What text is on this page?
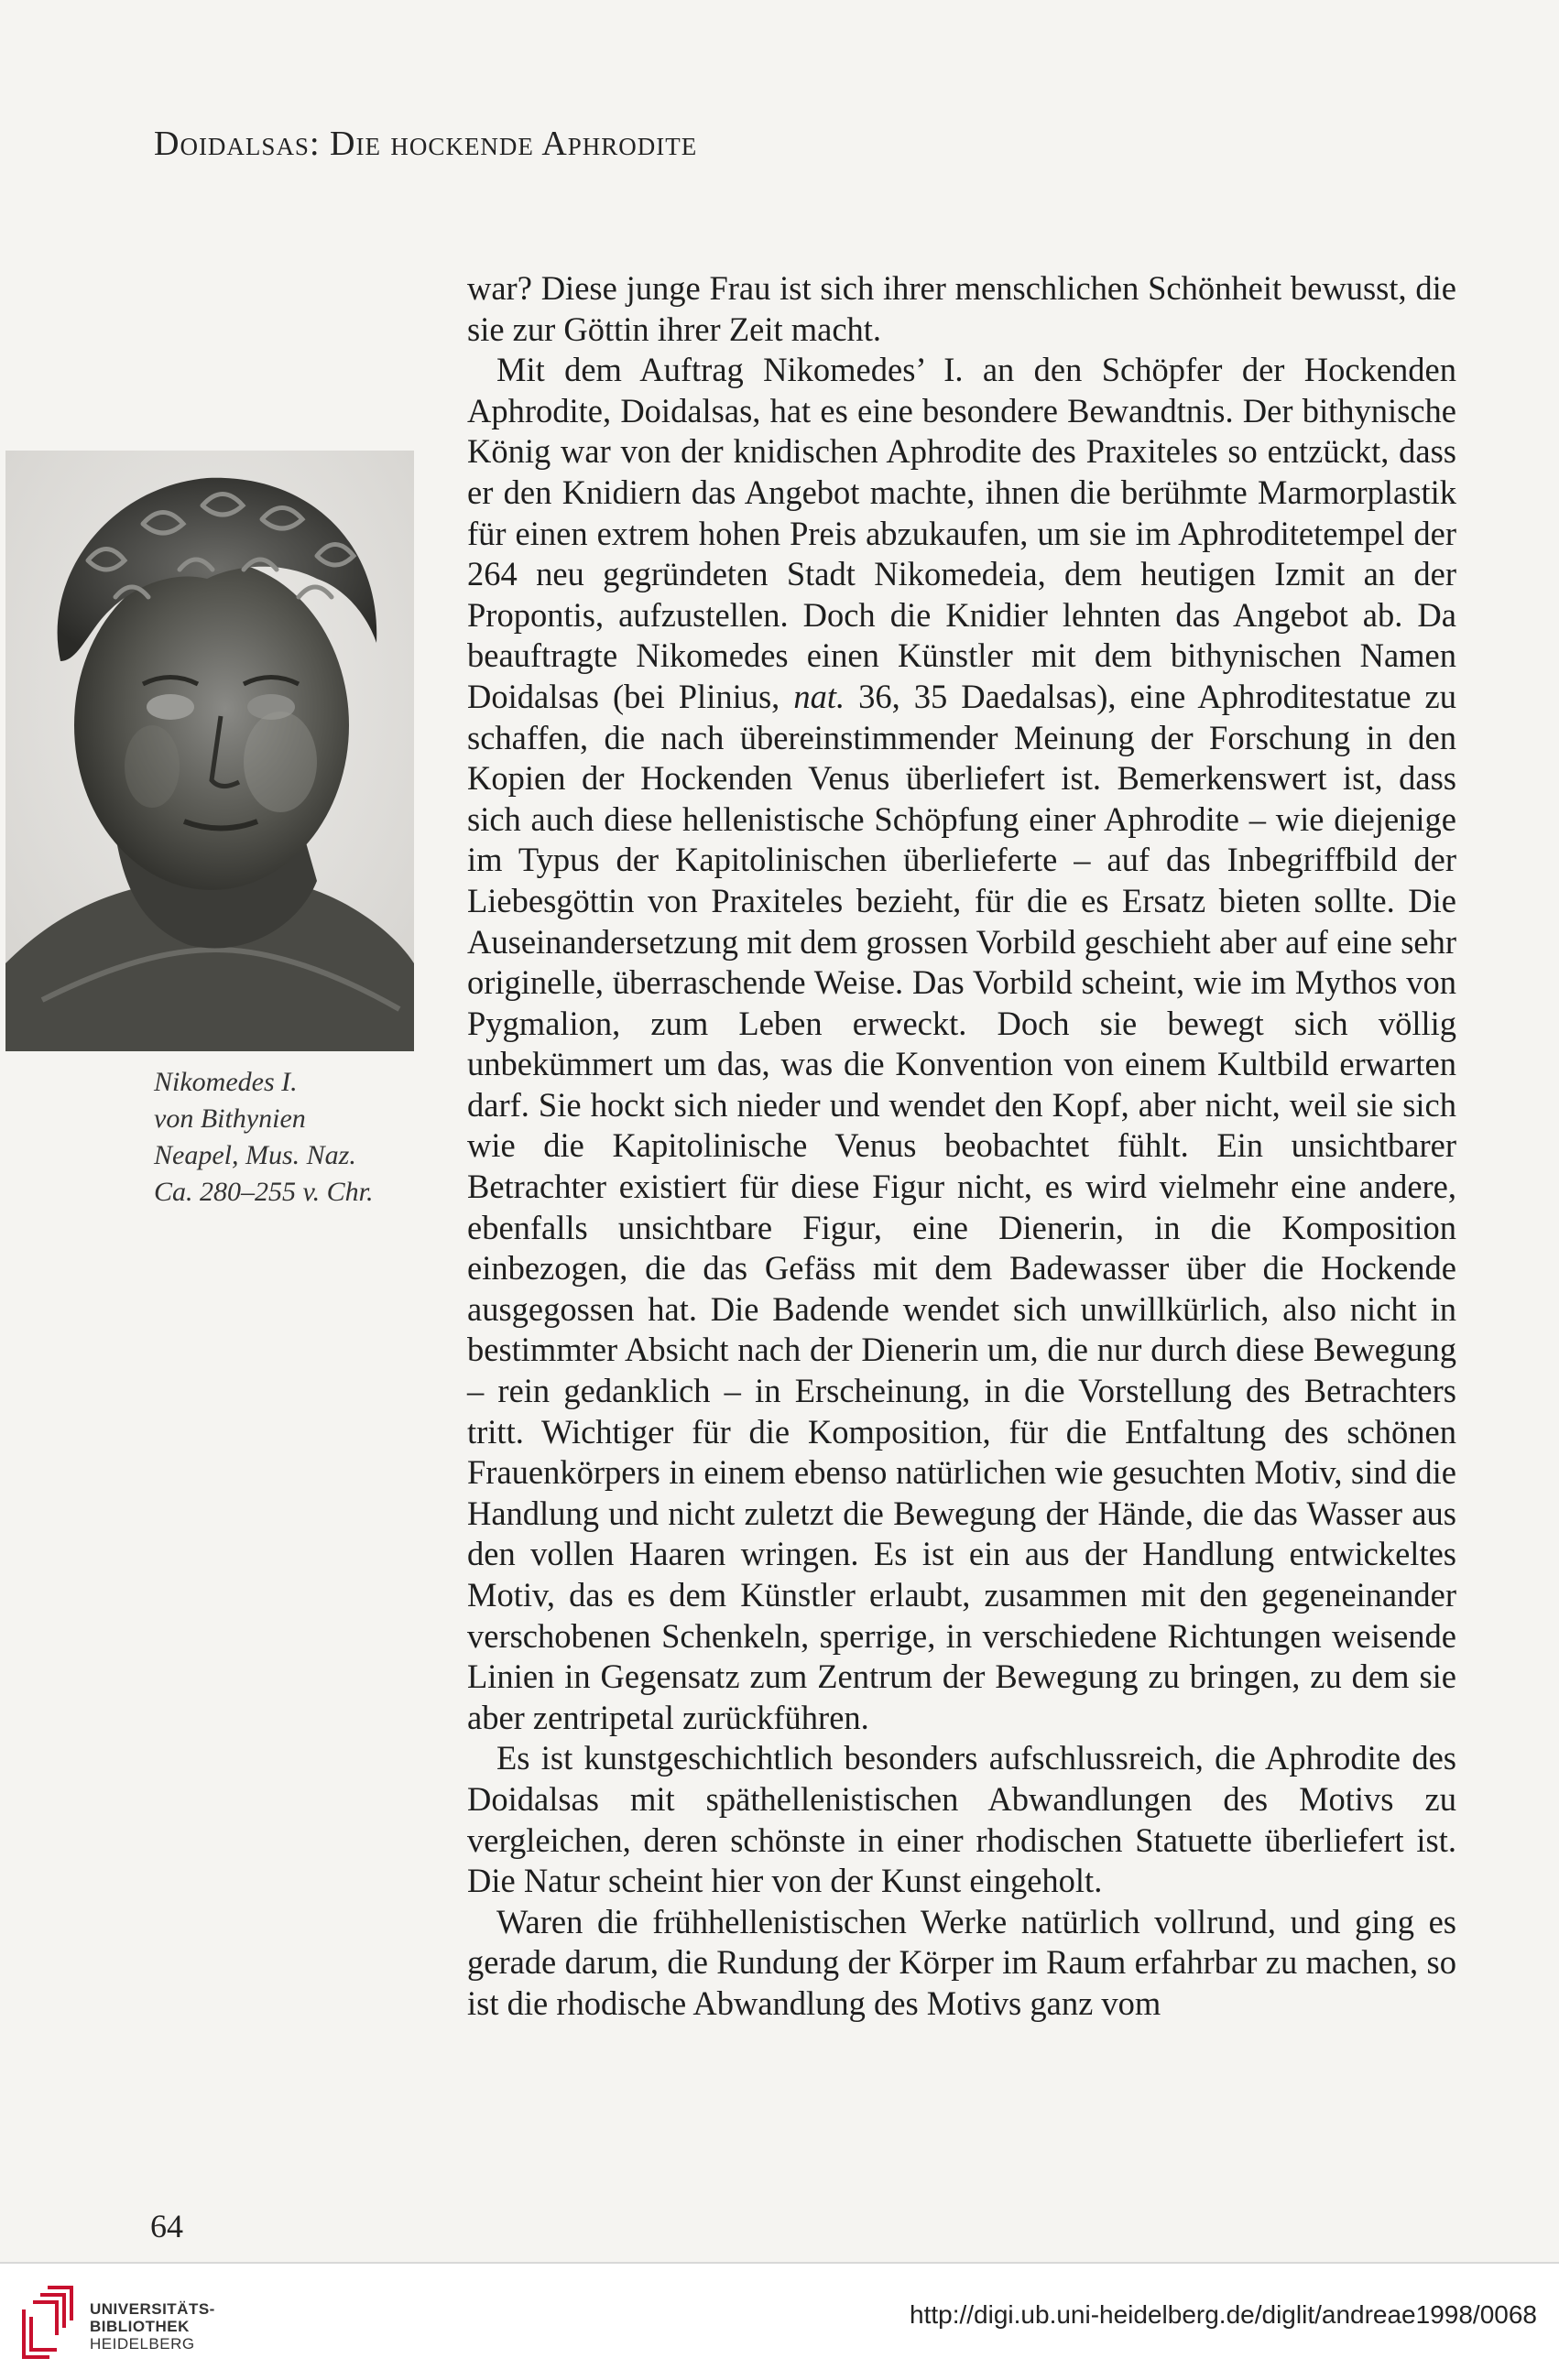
Doidalsas: Die hockende Aphrodite
Nikomedes I.
von Bithynien
Neapel, Mus. Naz.
Ca. 280–255 v. Chr.

war? Diese junge Frau ist sich ihrer menschlichen Schönheit bewusst, die sie zur Göttin ihrer Zeit macht.

Mit dem Auftrag Nikomedes’ I. an den Schöpfer der Hockenden Aphrodite, Doidalsas, hat es eine besondere Bewandtnis. Der bithynische König war von der knidischen Aphrodite des Praxiteles so entzückt, dass er den Knidiern das Angebot machte, ihnen die berühmte Marmorplastik für einen extrem hohen Preis abzukaufen, um sie im Aphroditetempel der 264 neu gegründeten Stadt Nikomedeia, dem heutigen Izmit an der Propontis, aufzustellen. Doch die Knidier lehnten das Angebot ab. Da beauftragte Nikomedes einen Künstler mit dem bithynischen Namen Doidalsas (bei Plinius, nat. 36, 35 Daedalsas), eine Aphroditestatue zu schaffen, die nach übereinstimmender Meinung der Forschung in den Kopien der Hockenden Venus überliefert ist. Bemerkenswert ist, dass sich auch diese hellenistische Schöpfung einer Aphrodite – wie diejenige im Typus der Kapitolinischen überlieferte – auf das Inbegriffbild der Liebesgöttin von Praxiteles bezieht, für die es Ersatz bieten sollte. Die Auseinandersetzung mit dem grossen Vorbild geschieht aber auf eine sehr originelle, überraschende Weise. Das Vorbild scheint, wie im Mythos von Pygmalion, zum Leben erweckt. Doch sie bewegt sich völlig unbekümmert um das, was die Konvention von einem Kultbild erwarten darf. Sie hockt sich nieder und wendet den Kopf, aber nicht, weil sie sich wie die Kapitolinische Venus beobachtet fühlt. Ein unsichtbarer Betrachter existiert für diese Figur nicht, es wird vielmehr eine andere, ebenfalls unsichtbare Figur, eine Dienerin, in die Komposition einbezogen, die das Gefäss mit dem Badewasser über die Hockende ausgegossen hat. Die Badende wendet sich unwillkürlich, also nicht in bestimmter Absicht nach der Dienerin um, die nur durch diese Bewegung – rein gedanklich – in Erscheinung, in die Vorstellung des Betrachters tritt. Wichtiger für die Komposition, für die Entfaltung des schönen Frauenkörpers in einem ebenso natürlichen wie gesuchten Motiv, sind die Handlung und nicht zuletzt die Bewegung der Hände, die das Wasser aus den vollen Haaren wringen. Es ist ein aus der Handlung entwickeltes Motiv, das es dem Künstler erlaubt, zusammen mit den gegeneinander verschobenen Schenkeln, sperrige, in verschiedene Richtungen weisende Linien in Gegensatz zum Zentrum der Bewegung zu bringen, zu dem sie aber zentripetal zurückführen.

Es ist kunstgeschichtlich besonders aufschlussreich, die Aphrodite des Doidalsas mit späthellenistischen Abwandlungen des Motivs zu vergleichen, deren schönste in einer rhodischen Statuette überliefert ist. Die Natur scheint hier von der Kunst eingeholt.

Waren die frühhellenistischen Werke natürlich vollrund, und ging es gerade darum, die Rundung der Körper im Raum erfahrbar zu machen, so ist die rhodische Abwandlung des Motivs ganz vom

64
UNIVERSITÄTS-
BIBLIOTHEK
HEIDELBERG
http://digi.ub.uni-heidelberg.de/diglit/andreae1998/0068
